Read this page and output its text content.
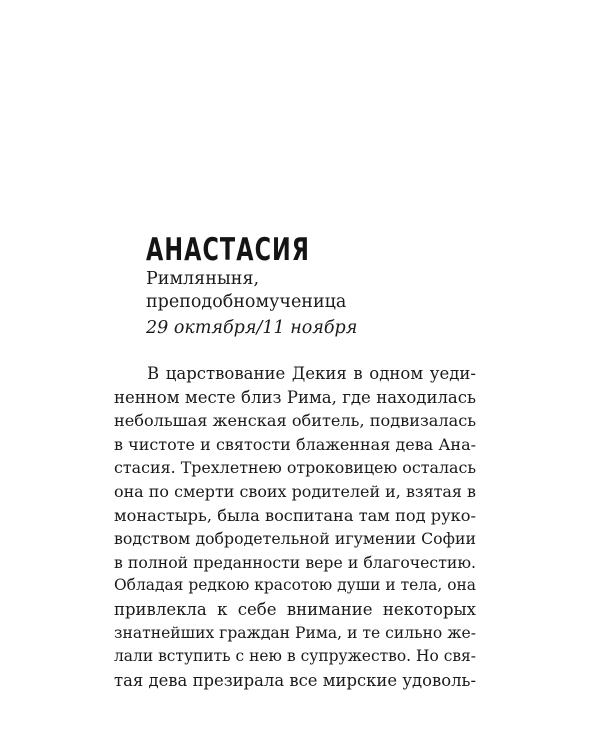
АНАСТАСИЯ
Римляныня,
преподобномученица
29 октября/11 ноября
В царствование Декия в одном уеди-
ненном месте близ Рима, где находилась
небольшая женская обитель, подвизалась
в чистоте и святости блаженная дева Ана-
стасия. Трехлетнею отроковицею осталась
она по смерти своих родителей и, взятая в
монастырь, была воспитана там под руко-
водством добродетельной игумении Софии
в полной преданности вере и благочестию.
Обладая редкою красотою души и тела, она
привлекла к себе внимание некоторых
знатнейших граждан Рима, и те сильно же-
лали вступить с нею в супружество. Но свя-
тая дева презирала все мирские удоволь-
